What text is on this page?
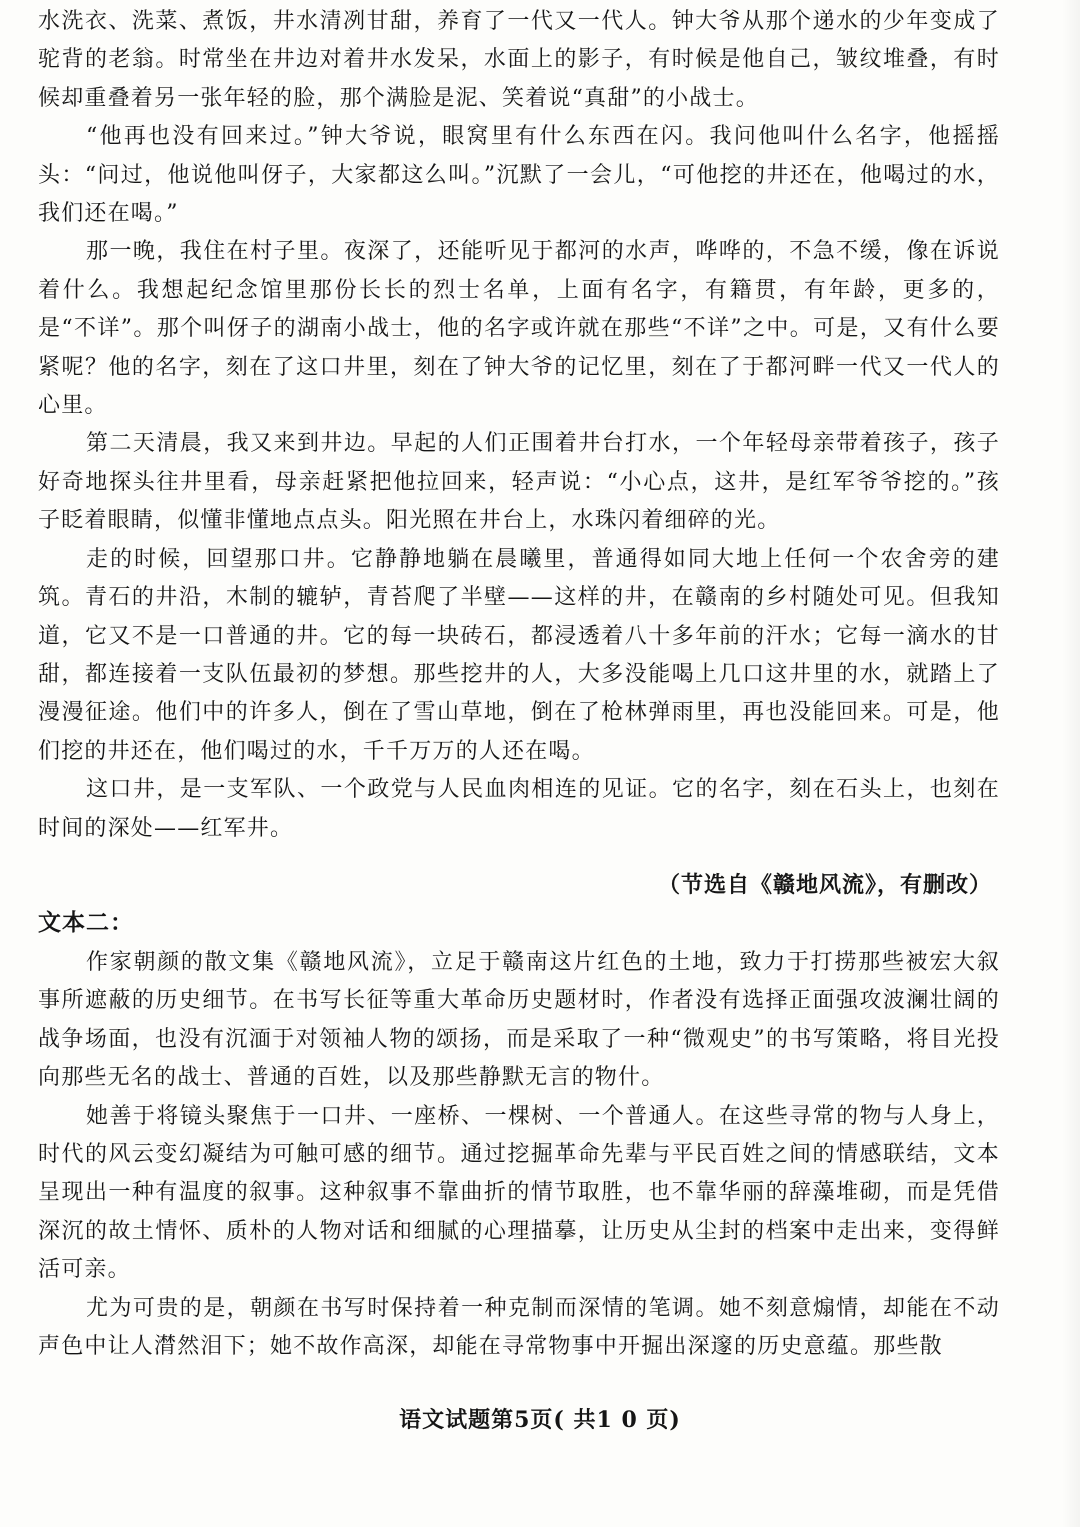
水洗衣、洗菜、煮饭，井水清冽甘甜，养育了一代又一代人。钟大爷从那个递水的少年变成了驼背的老翁。时常坐在井边对着井水发呆，水面上的影子，有时候是他自己，皱纹堆叠，有时候却重叠着另一张年轻的脸，那个满脸是泥、笑着说“真甜”的小战士。

“他再也没有回来过。”钟大爷说，眼窝里有什么东西在闪。我问他叫什么名字，他摇摇头：“问过，他说他叫伢子，大家都这么叫。”沉默了一会儿，“可他挖的井还在，他喝过的水，我们还在喝。”

那一晚，我住在村子里。夜深了，还能听见于都河的水声，哗哗的，不急不缓，像在诉说着什么。我想起纪念馆里那份长长的烈士名单，上面有名字，有籍贯，有年龄，更多的，是“不详”。那个叫伢子的湖南小战士，他的名字或许就在那些“不详”之中。可是，又有什么要紧呢？他的名字，刻在了这口井里，刻在了钟大爷的记忆里，刻在了于都河畔一代又一代人的心里。

第二天清晨，我又来到井边。早起的人们正围着井台打水，一个年轻母亲带着孩子，孩子好奇地探头往井里看，母亲赶紧把他拉回来，轻声说：“小心点，这井，是红军爷爷挖的。”孩子眨着眼睛，似懂非懂地点点头。阳光照在井台上，水珠闪着细碎的光。

走的时候，回望那口井。它静静地躺在晨曦里，普通得如同大地上任何一个农舍旁的建筑。青石的井沿，木制的辘轳，青苔爬了半壁——这样的井，在赣南的乡村随处可见。但我知道，它又不是一口普通的井。它的每一块砖石，都浸透着八十多年前的汗水；它每一滴水的甘甜，都连接着一支队伍最初的梦想。那些挖井的人，大多没能喝上几口这井里的水，就踏上了漫漫征途。他们中的许多人，倒在了雪山草地，倒在了枪林弹雨里，再也没能回来。可是，他们挖的井还在，他们喝过的水，千千万万的人还在喝。

这口井，是一支军队、一个政党与人民血肉相连的见证。它的名字，刻在石头上，也刻在时间的深处——红军井。

（节选自《赣地风流》，有删改）

文本二：

作家朝颜的散文集《赣地风流》，立足于赣南这片红色的土地，致力于打捞那些被宏大叙事所遮蔽的历史细节。在书写长征等重大革命历史题材时，作者没有选择正面强攻波澜壮阔的战争场面，也没有沉湎于对领袖人物的颂扬，而是采取了一种“微观史”的书写策略，将目光投向那些无名的战士、普通的百姓，以及那些静默无言的物什。

她善于将镜头聚焦于一口井、一座桥、一棵树、一个普通人。在这些寻常的物与人身上，时代的风云变幻凝结为可触可感的细节。通过挖掘革命先辈与平民百姓之间的情感联结，文本呈现出一种有温度的叙事。这种叙事不靠曲折的情节取胜，也不靠华丽的辞藻堆砌，而是凭借深沉的故土情怀、质朴的人物对话和细腻的心理描摹，让历史从尘封的档案中走出来，变得鲜活可亲。

尤为可贵的是，朝颜在书写时保持着一种克制而深情的笔调。她不刻意煽情，却能在不动声色中让人潸然泪下；她不故作高深，却能在寻常物事中开掘出深邃的历史意蕴。那些散

语文试题第5页( 共1 0 页)
